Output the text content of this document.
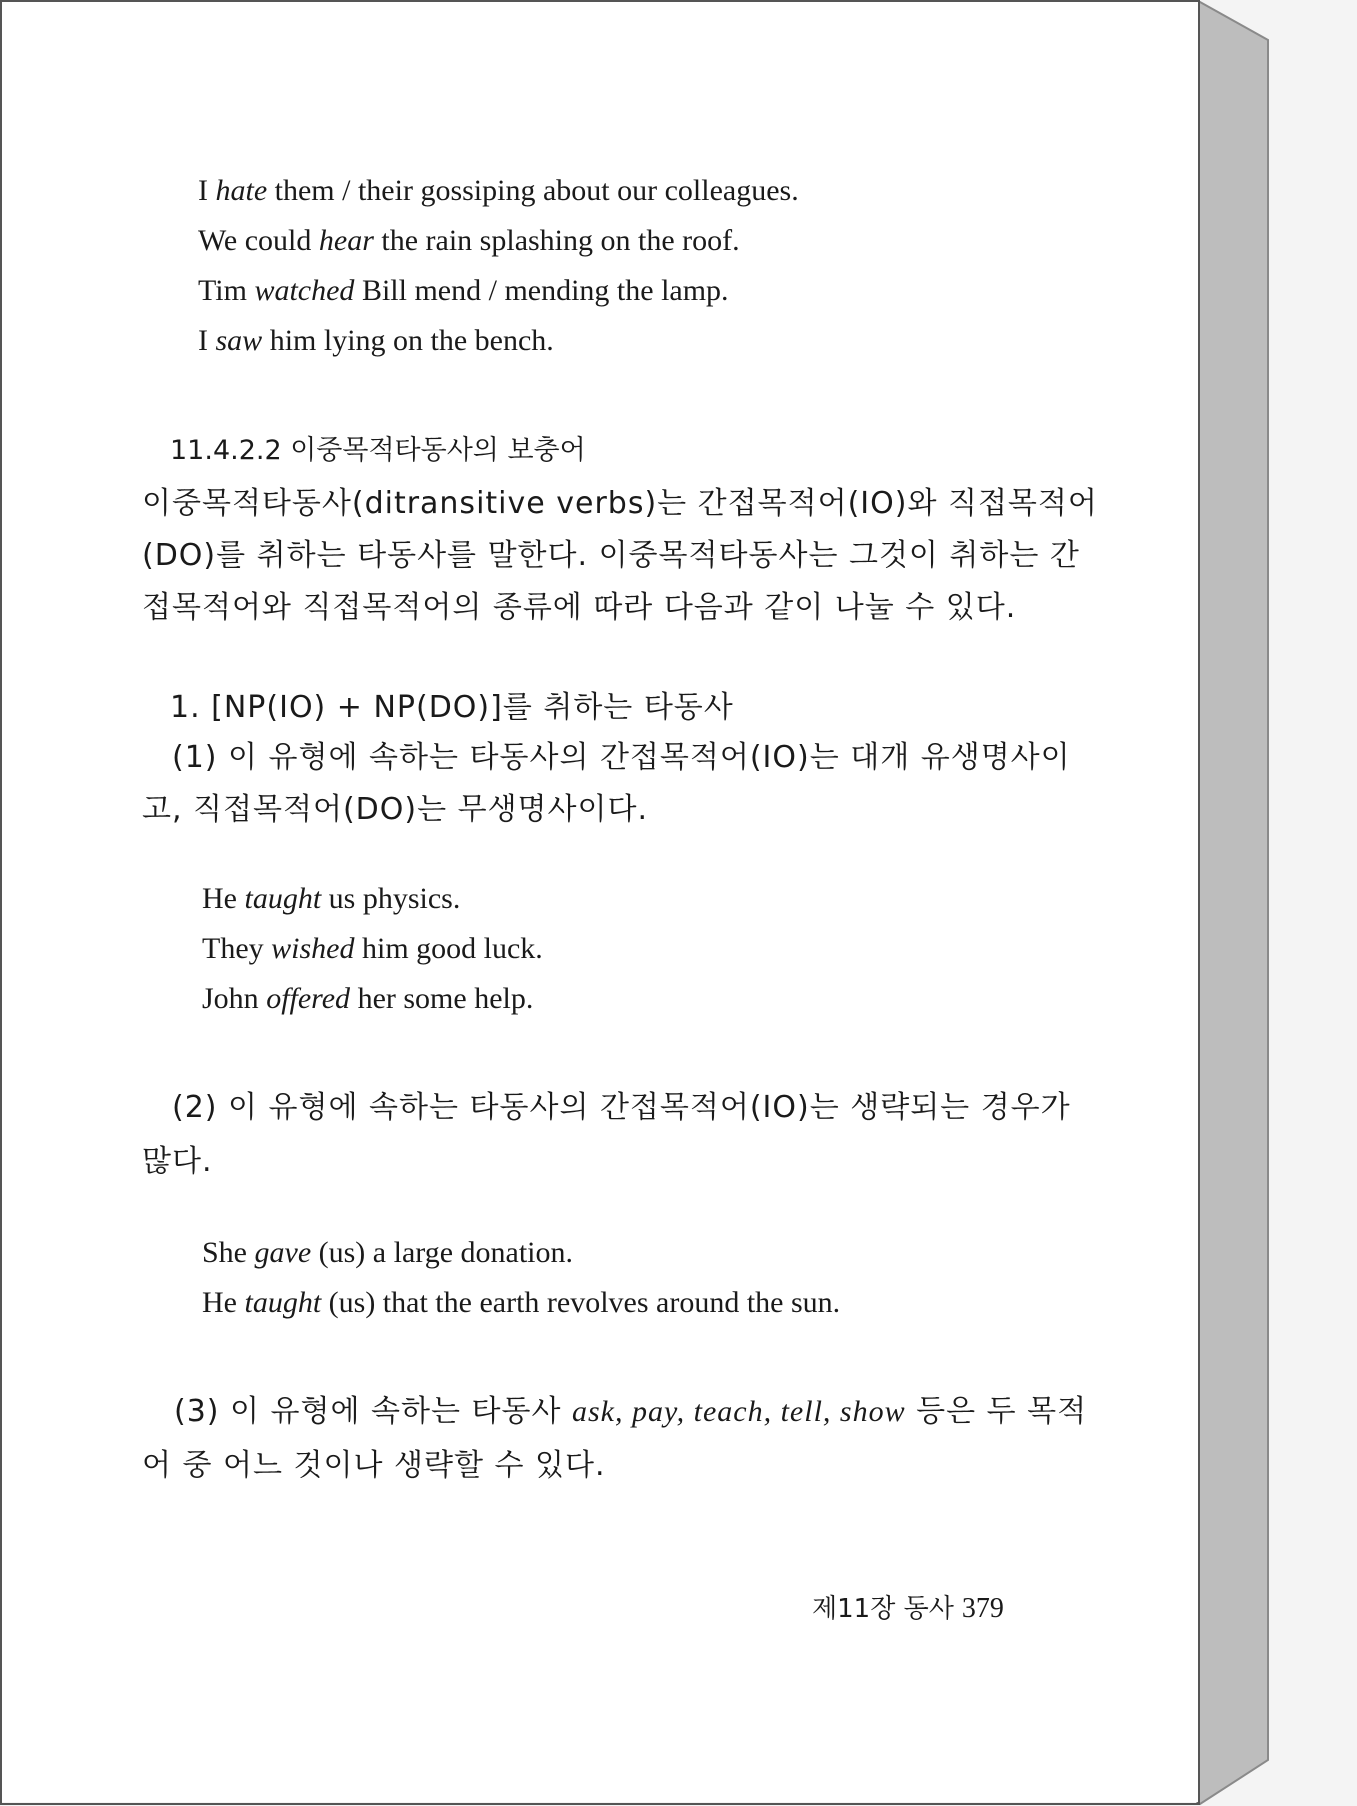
I hate them / their gossiping about our colleagues.
We could hear the rain splashing on the roof.
Tim watched Bill mend / mending the lamp.
I saw him lying on the bench.
11.4.2.2 이중목적타동사의 보충어
이중목적타동사(ditransitive verbs)는 간접목적어(IO)와 직접목적어
(DO)를 취하는 타동사를 말한다. 이중목적타동사는 그것이 취하는 간
접목적어와 직접목적어의 종류에 따라 다음과 같이 나눌 수 있다.
1. [NP(IO) + NP(DO)]를 취하는 타동사
(1) 이 유형에 속하는 타동사의 간접목적어(IO)는 대개 유생명사이
고, 직접목적어(DO)는 무생명사이다.
He taught us physics.
They wished him good luck.
John offered her some help.
(2) 이 유형에 속하는 타동사의 간접목적어(IO)는 생략되는 경우가
많다.
She gave (us) a large donation.
He taught (us) that the earth revolves around the sun.
(3) 이 유형에 속하는 타동사 ask, pay, teach, tell, show 등은 두 목적
어 중 어느 것이나 생략할 수 있다.
제11장 동사 379
